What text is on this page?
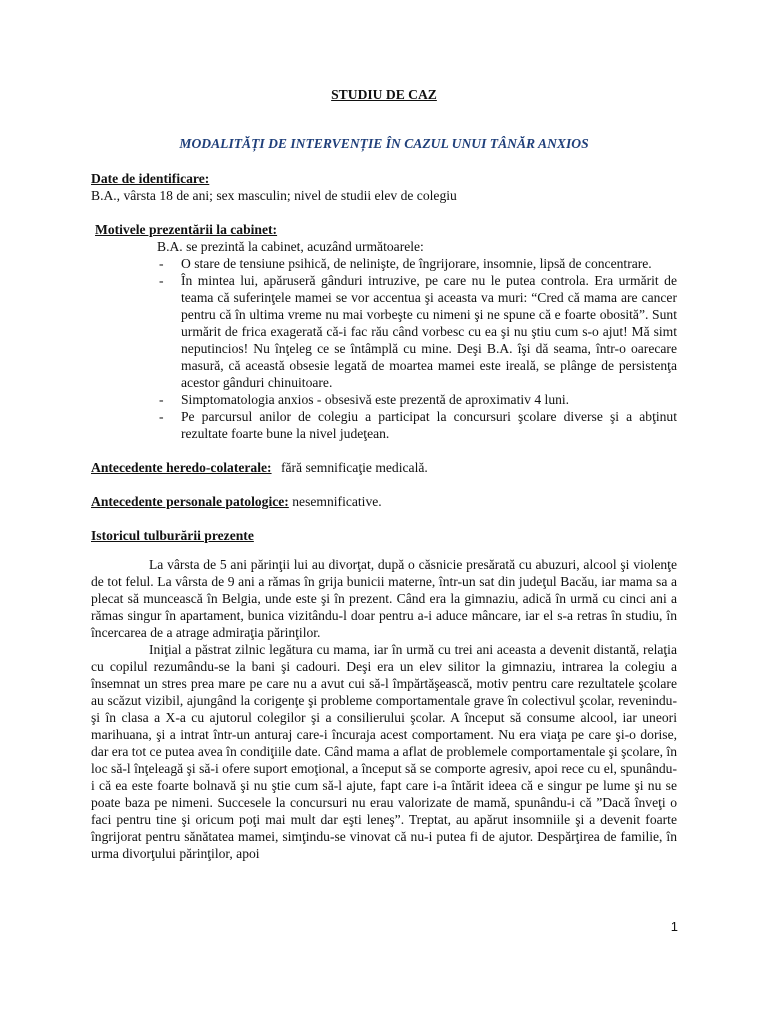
STUDIU DE CAZ
MODALITĂȚI DE INTERVENȚIE ÎN CAZUL UNUI TÂNĂR ANXIOS
Date de identificare:
B.A., vârsta 18 de ani; sex masculin; nivel de studii elev de colegiu
Motivele prezentării la cabinet:
B.A. se prezintă la cabinet, acuzând următoarele:
- O stare de tensiune psihică, de nelinişte, de îngrijorare, insomnie, lipsă de concentrare.
- În mintea lui, apăruseră gânduri intruzive, pe care nu le putea controla. Era urmărit de teama că suferinţele mamei se vor accentua şi aceasta va muri: “Cred că mama are cancer pentru că în ultima vreme nu mai vorbeşte cu nimeni şi ne spune că e foarte obosită”. Sunt urmărit de frica exagerată că-i fac rău când vorbesc cu ea şi nu ştiu cum s-o ajut! Mă simt neputincios! Nu înţeleg ce se întâmplă cu mine. Deşi B.A. îşi dă seama, într-o oarecare masură, că această obsesie legată de moartea mamei este ireală, se plânge de persistenţa acestor gânduri chinuitoare.
- Simptomatologia anxios - obsesivă este prezentă de aproximativ 4 luni.
- Pe parcursul anilor de colegiu a participat la concursuri şcolare diverse şi a abţinut rezultate foarte bune la nivel judeţean.
Antecedente heredo-colaterale: fără semnificaţie medicală.
Antecedente personale patologice: nesemnificative.
Istoricul tulburării prezente

La vârsta de 5 ani părinţii lui au divorţat, după o căsnicie presărată cu abuzuri, alcool şi violenţe de tot felul. La vârsta de 9 ani a rămas în grija bunicii materne, într-un sat din judeţul Bacău, iar mama sa a plecat să muncească în Belgia, unde este şi în prezent. Când era la gimnaziu, adică în urmă cu cinci ani a rămas singur în apartament, bunica vizitându-l doar pentru a-i aduce mâncare, iar el s-a retras în studiu, în încercarea de a atrage admiraţia părinţilor.

Iniţial a păstrat zilnic legătura cu mama, iar în urmă cu trei ani aceasta a devenit distantă, relaţia cu copilul rezumându-se la bani şi cadouri. Deşi era un elev silitor la gimnaziu, intrarea la colegiu a însemnat un stres prea mare pe care nu a avut cui să-l împărtăşească, motiv pentru care rezultatele şcolare au scăzut vizibil, ajungând la corigenţe şi probleme comportamentale grave în colectivul şcolar, revenindu-şi în clasa a X-a cu ajutorul colegilor şi a consilierului şcolar. A început să consume alcool, iar uneori marihuana, şi a intrat într-un anturaj care-i încuraja acest comportament. Nu era viaţa pe care şi-o dorise, dar era tot ce putea avea în condiţiile date. Când mama a aflat de problemele comportamentale şi şcolare, în loc să-l înţeleagă şi să-i ofere suport emoţional, a început să se comporte agresiv, apoi rece cu el, spunându-i că ea este foarte bolnavă şi nu ştie cum să-l ajute, fapt care i-a întărit ideea că e singur pe lume şi nu se poate baza pe nimeni. Succesele la concursuri nu erau valorizate de mamă, spunându-i că ”Dacă înveţi o faci pentru tine şi oricum poţi mai mult dar eşti leneş”. Treptat, au apărut insomniile şi a devenit foarte îngrijorat pentru sănătatea mamei, simţindu-se vinovat că nu-i putea fi de ajutor. Despărţirea de familie, în urma divorţului părinţilor, apoi

1
